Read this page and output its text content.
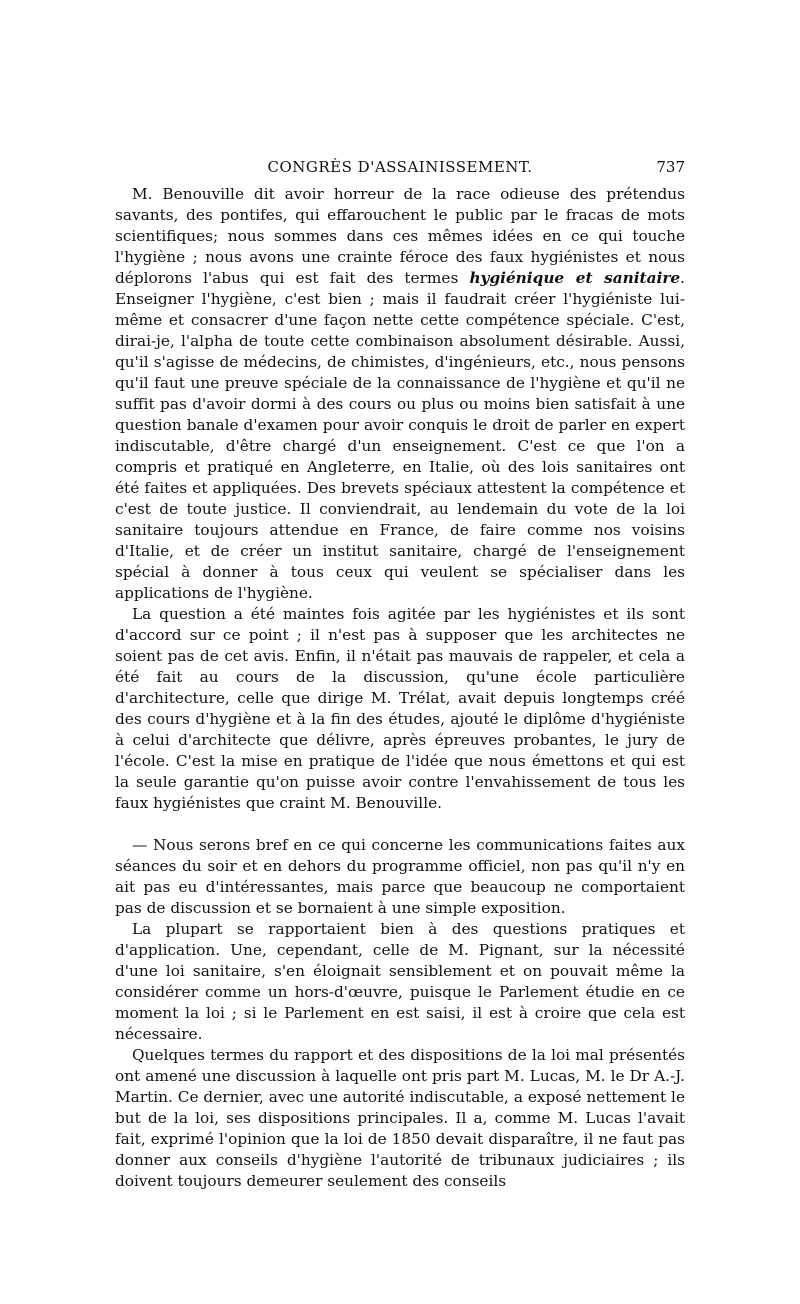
CONGRÈS D'ASSAINISSEMENT.	737

M. Benouville dit avoir horreur de la race odieuse des prétendus savants, des pontifes, qui effarouchent le public par le fracas de mots scientifiques; nous sommes dans ces mêmes idées en ce qui touche l'hygiène ; nous avons une crainte féroce des faux hygiénistes et nous déplorons l'abus qui est fait des termes hygiénique et sanitaire. Enseigner l'hygiène, c'est bien ; mais il faudrait créer l'hygiéniste lui-même et consacrer d'une façon nette cette compétence spéciale. C'est, dirai-je, l'alpha de toute cette combinaison absolument désirable. Aussi, qu'il s'agisse de médecins, de chimistes, d'ingénieurs, etc., nous pensons qu'il faut une preuve spéciale de la connaissance de l'hygiène et qu'il ne suffit pas d'avoir dormi à des cours ou plus ou moins bien satisfait à une question banale d'examen pour avoir conquis le droit de parler en expert indiscutable, d'être chargé d'un enseignement. C'est ce que l'on a compris et pratiqué en Angleterre, en Italie, où des lois sanitaires ont été faites et appliquées. Des brevets spéciaux attestent la compétence et c'est de toute justice. Il conviendrait, au lendemain du vote de la loi sanitaire toujours attendue en France, de faire comme nos voisins d'Italie, et de créer un institut sanitaire, chargé de l'enseignement spécial à donner à tous ceux qui veulent se spécialiser dans les applications de l'hygiène.

La question a été maintes fois agitée par les hygiénistes et ils sont d'accord sur ce point ; il n'est pas à supposer que les architectes ne soient pas de cet avis. Enfin, il n'était pas mauvais de rappeler, et cela a été fait au cours de la discussion, qu'une école particulière d'architecture, celle que dirige M. Trélat, avait depuis longtemps créé des cours d'hygiène et à la fin des études, ajouté le diplôme d'hygiéniste à celui d'architecte que délivre, après épreuves probantes, le jury de l'école. C'est la mise en pratique de l'idée que nous émettons et qui est la seule garantie qu'on puisse avoir contre l'envahissement de tous les faux hygiénistes que craint M. Benouville.

— Nous serons bref en ce qui concerne les communications faites aux séances du soir et en dehors du programme officiel, non pas qu'il n'y en ait pas eu d'intéressantes, mais parce que beaucoup ne comportaient pas de discussion et se bornaient à une simple exposition.

La plupart se rapportaient bien à des questions pratiques et d'application. Une, cependant, celle de M. Pignant, sur la nécessité d'une loi sanitaire, s'en éloignait sensiblement et on pouvait même la considérer comme un hors-d'œuvre, puisque le Parlement étudie en ce moment la loi ; si le Parlement en est saisi, il est à croire que cela est nécessaire.

Quelques termes du rapport et des dispositions de la loi mal présentés ont amené une discussion à laquelle ont pris part M. Lucas, M. le Dr A.-J. Martin. Ce dernier, avec une autorité indiscutable, a exposé nettement le but de la loi, ses dispositions principales. Il a, comme M. Lucas l'avait fait, exprimé l'opinion que la loi de 1850 devait disparaître, il ne faut pas donner aux conseils d'hygiène l'autorité de tribunaux judiciaires ; ils doivent toujours demeurer seulement des conseils
